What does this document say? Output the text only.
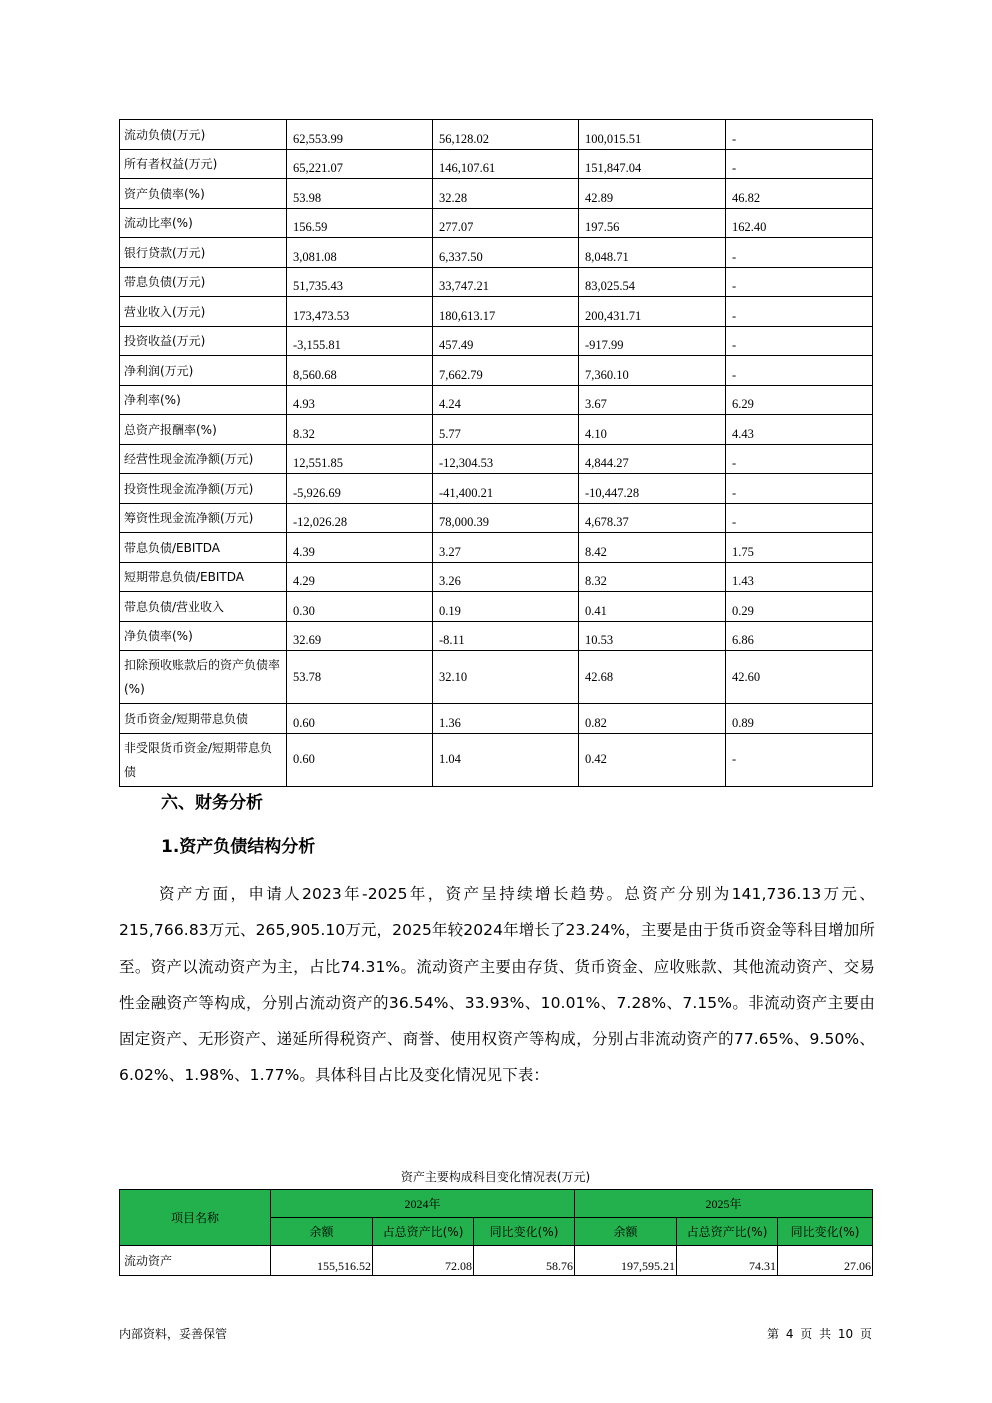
流动负债(万元)	62,553.99	56,128.02	100,015.51	-
所有者权益(万元)	65,221.07	146,107.61	151,847.04	-
资产负债率(%)	53.98	32.28	42.89	46.82
流动比率(%)	156.59	277.07	197.56	162.40
银行贷款(万元)	3,081.08	6,337.50	8,048.71	-
带息负债(万元)	51,735.43	33,747.21	83,025.54	-
营业收入(万元)	173,473.53	180,613.17	200,431.71	-
投资收益(万元)	-3,155.81	457.49	-917.99	-
净利润(万元)	8,560.68	7,662.79	7,360.10	-
净利率(%)	4.93	4.24	3.67	6.29
总资产报酬率(%)	8.32	5.77	4.10	4.43
经营性现金流净额(万元)	12,551.85	-12,304.53	4,844.27	-
投资性现金流净额(万元)	-5,926.69	-41,400.21	-10,447.28	-
筹资性现金流净额(万元)	-12,026.28	78,000.39	4,678.37	-
带息负债/EBITDA	4.39	3.27	8.42	1.75
短期带息负债/EBITDA	4.29	3.26	8.32	1.43
带息负债/营业收入	0.30	0.19	0.41	0.29
净负债率(%)	32.69	-8.11	10.53	6.86
扣除预收账款后的资产负债率(%)	53.78	32.10	42.68	42.60
货币资金/短期带息负债	0.60	1.36	0.82	0.89
非受限货币资金/短期带息负债	0.60	1.04	0.42	-
六、财务分析
1.资产负债结构分析
资产方面，申请人2023年-2025年，资产呈持续增长趋势。总资产分别为141,736.13万元、215,766.83万元、265,905.10万元，2025年较2024年增长了23.24%，主要是由于货币资金等科目增加所至。资产以流动资产为主，占比74.31%。流动资产主要由存货、货币资金、应收账款、其他流动资产、交易性金融资产等构成，分别占流动资产的36.54%、33.93%、10.01%、7.28%、7.15%。非流动资产主要由固定资产、无形资产、递延所得税资产、商誉、使用权资产等构成，分别占非流动资产的77.65%、9.50%、6.02%、1.98%、1.77%。具体科目占比及变化情况见下表：
资产主要构成科目变化情况表(万元)
项目名称	2024年			2025年		
	余额	占总资产比(%)	同比变化(%)	余额	占总资产比(%)	同比变化(%)
流动资产	155,516.52	72.08	58.76	197,595.21	74.31	27.06
内部资料，妥善保管	第 4 页 共 10 页
